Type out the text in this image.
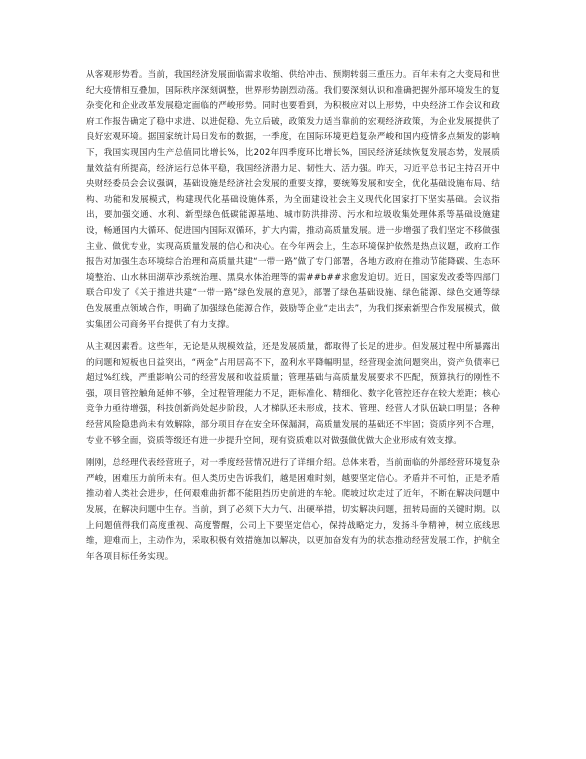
从客观形势看。当前，我国经济发展面临需求收缩、供给冲击、预期转弱三重压力。百年未有之大变局和世纪大疫情相互叠加，国际秩序深刻调整，世界形势剧烈动荡。我们要深刻认识和准确把握外部环境发生的复杂变化和企业改革发展稳定面临的严峻形势。同时也要看到，为积极应对以上形势，中央经济工作会议和政府工作报告确定了稳中求进、以进促稳、先立后破，政策发力适当靠前的宏观经济政策，为企业发展提供了良好宏观环境。据国家统计局日发布的数据，一季度，在国际环境更趋复杂严峻和国内疫情多点频发的影响下，我国实现国内生产总值同比增长%，比202年四季度环比增长%，国民经济延续恢复发展态势，发展质量效益有所提高，经济运行总体平稳，我国经济潜力足、韧性大、活力强。昨天，习近平总书记主持召开中央财经委员会会议强调，基础设施是经济社会发展的重要支撑，要统筹发展和安全，优化基础设施布局、结构、功能和发展模式，构建现代化基础设施体系，为全面建设社会主义现代化国家打下坚实基础。会议指出，要加强交通、水利、新型绿色低碳能源基地、城市防洪排涝、污水和垃圾收集处理体系等基础设施建设，畅通国内大循环、促进国内国际双循环，扩大内需，推动高质量发展。进一步增强了我们坚定不移做强主业、做优专业，实现高质量发展的信心和决心。在今年两会上，生态环境保护依然是热点议题，政府工作报告对加强生态环境综合治理和高质量共建“一带一路”做了专门部署，各地方政府在推动节能降碳、生态环境整治、山水林田湖草沙系统治理、黑臭水体治理等的需##b##求愈发迫切。近日，国家发改委等四部门联合印发了《关于推进共建“一带一路”绿色发展的意见》，部署了绿色基础设施、绿色能源、绿色交通等绿色发展重点领域合作，明确了加强绿色能源合作，鼓励等企业“走出去”，为我们探索新型合作发展模式，做实集团公司商务平台提供了有力支撑。

从主观因素看。这些年，无论是从规模效益，还是发展质量，都取得了长足的进步。但发展过程中所暴露出的问题和短板也日益突出，“两金”占用居高不下，盈利水平降幅明显，经营现金流问题突出，资产负债率已超过%红线，严重影响公司的经营发展和收益质量；管理基础与高质量发展要求不匹配，预算执行的刚性不强，项目管控触角延伸不够，全过程管理能力不足，距标准化、精细化、数字化管控还存在较大差距；核心竞争力亟待增强，科技创新尚处起步阶段，人才梯队还未形成，技术、管理、经营人才队伍缺口明显；各种经营风险隐患尚未有效解除，部分项目存在安全环保漏洞，高质量发展的基础还不牢固；资质序列不合理，专业不够全面，资质等级还有进一步提升空间，现有资质难以对做强做优做大企业形成有效支撑。

刚刚，总经理代表经营班子，对一季度经营情况进行了详细介绍。总体来看，当前面临的外部经营环境复杂严峻，困难压力前所未有。但人类历史告诉我们，越是困难时刻，越要坚定信心。矛盾并不可怕，正是矛盾推动着人类社会进步，任何艰难曲折都不能阻挡历史前进的车轮。爬坡过坎走过了近年，不断在解决问题中发展，在解决问题中生存。当前，到了必须下大力气、出硬举措，切实解决问题，扭转局面的关键时期。以上问题值得我们高度重视、高度警醒，公司上下要坚定信心，保持战略定力，发扬斗争精神，树立底线思维，迎难而上，主动作为，采取积极有效措施加以解决，以更加奋发有为的状态推动经营发展工作，护航全年各项目标任务实现。
